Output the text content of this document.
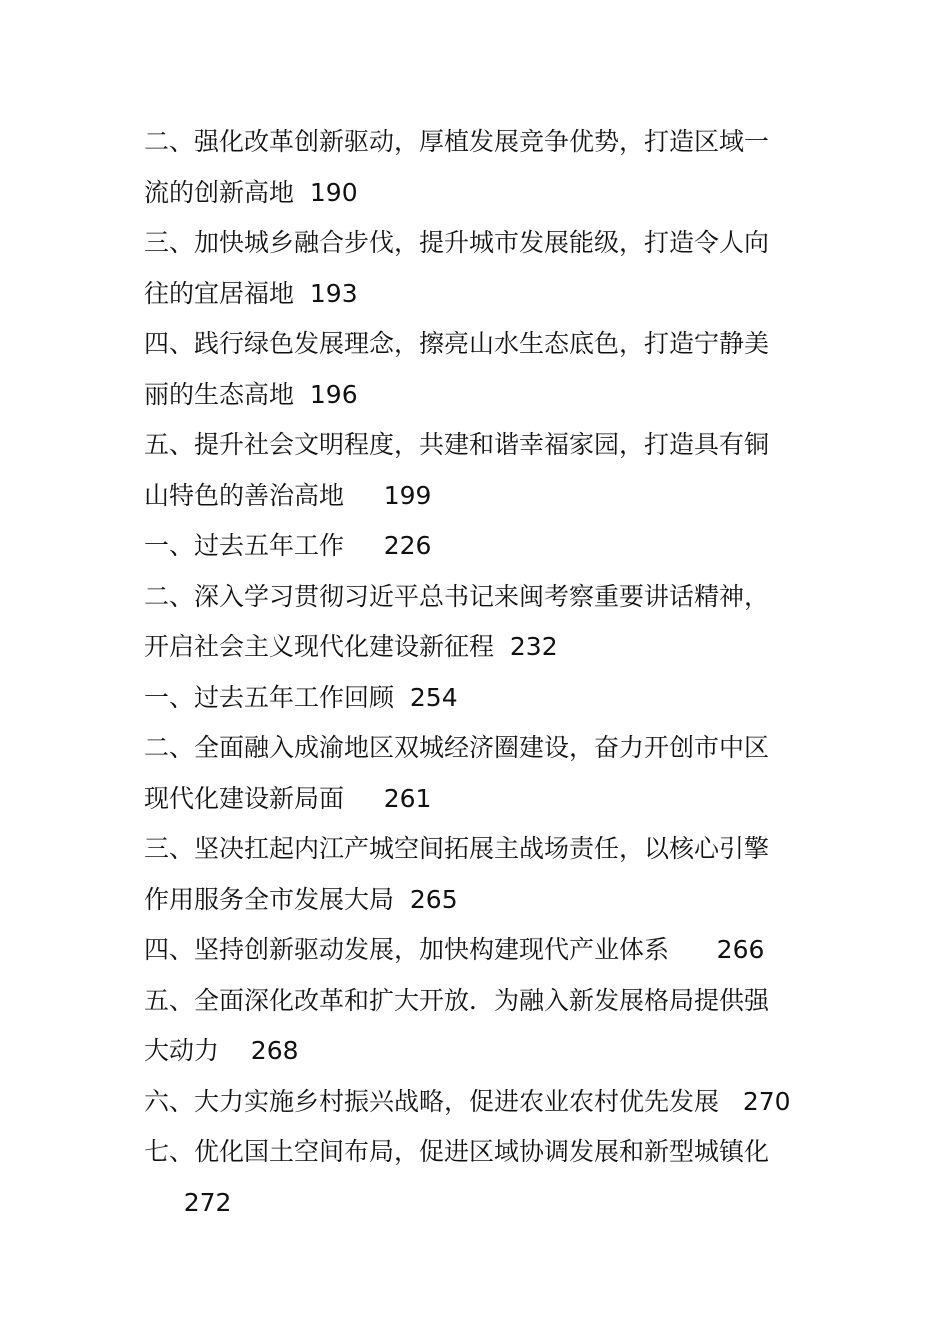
二、强化改革创新驱动，厚植发展竞争优势，打造区域一
流的创新高地  190
三、加快城乡融合步伐，提升城市发展能级，打造令人向
往的宜居福地  193
四、践行绿色发展理念，擦亮山水生态底色，打造宁静美
丽的生态高地  196
五、提升社会文明程度，共建和谐幸福家园，打造具有铜
山特色的善治高地     199
一、过去五年工作     226
二、深入学习贯彻习近平总书记来闽考察重要讲话精神，
开启社会主义现代化建设新征程  232
一、过去五年工作回顾  254
二、全面融入成渝地区双城经济圈建设，奋力开创市中区
现代化建设新局面     261
三、坚决扛起内江产城空间拓展主战场责任，以核心引擎
作用服务全市发展大局  265
四、坚持创新驱动发展，加快构建现代产业体系      266
五、全面深化改革和扩大开放．为融入新发展格局提供强
大动力    268
六、大力实施乡村振兴战略，促进农业农村优先发展   270
七、优化国土空间布局，促进区域协调发展和新型城镇化
272
